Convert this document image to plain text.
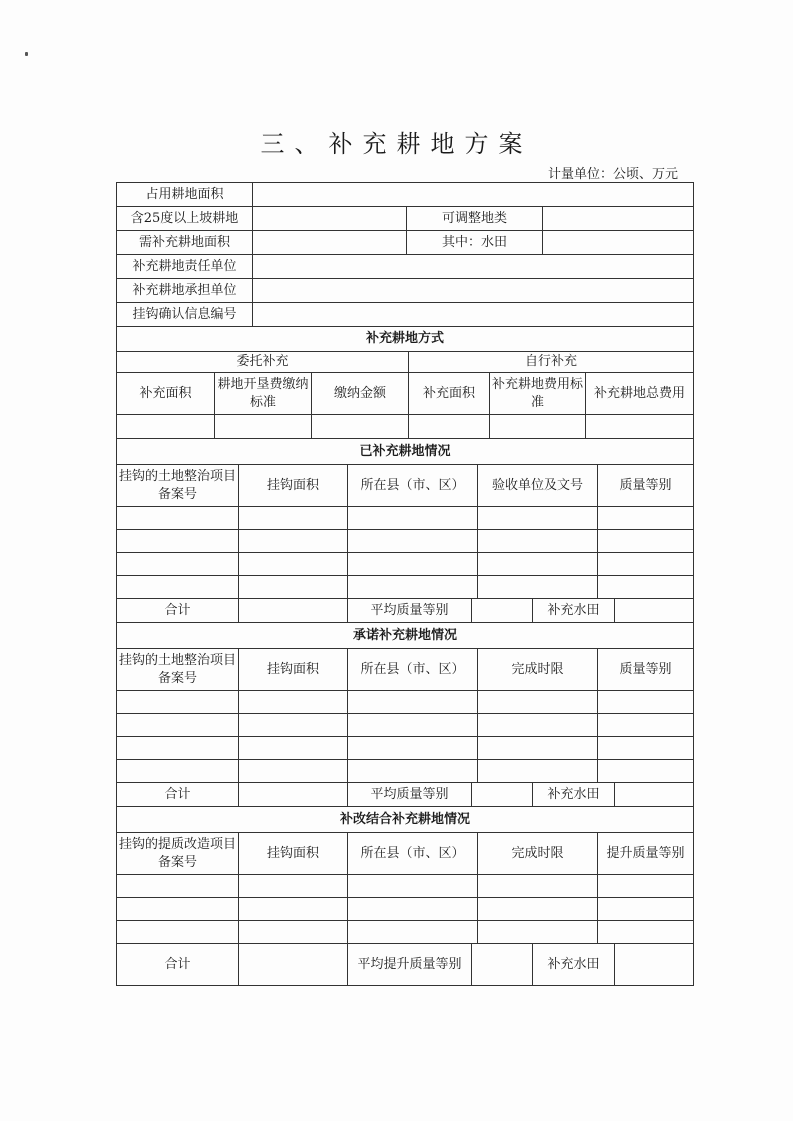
三、补充耕地方案
计量单位：公顷、万元
占用耕地面积			
含25度以上坡耕地		可调整地类	
需补充耕地面积		其中：水田	
补充耕地责任单位			
补充耕地承担单位			
挂钩确认信息编号			
补充耕地方式					
委托补充			自行补充		
补充面积	耕地开垦费缴纳标准	缴纳金额	补充面积	补充耕地费用标准	补充耕地总费用

已补充耕地情况				
挂钩的土地整治项目备案号	挂钩面积	所在县（市、区）	验收单位及文号	质量等别

合计		平均质量等别		补充水田	
承诺补充耕地情况				
挂钩的土地整治项目备案号	挂钩面积	所在县（市、区）	完成时限	质量等别

合计		平均质量等别		补充水田	
补改结合补充耕地情况				
挂钩的提质改造项目备案号	挂钩面积	所在县（市、区）	完成时限	提升质量等别

合计		平均提升质量等别		补充水田	
